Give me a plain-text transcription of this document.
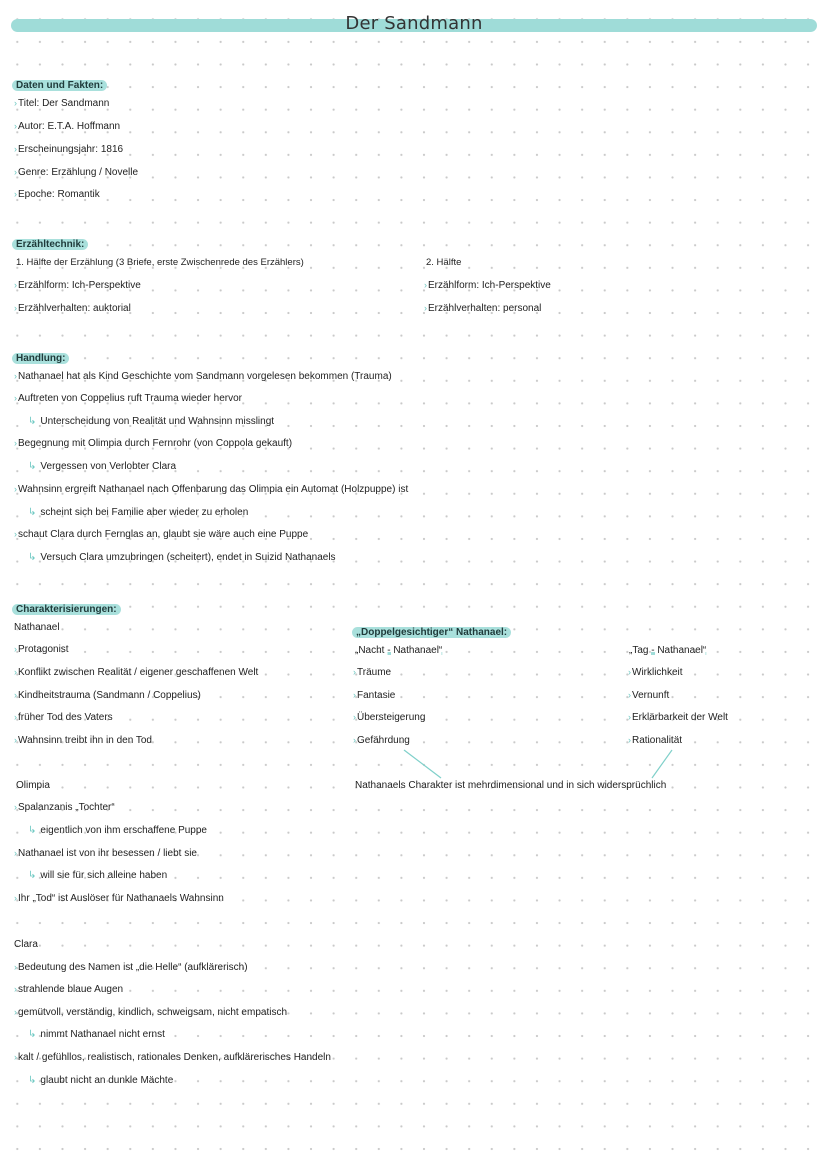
Der Sandmann
Daten und Fakten:
›Titel: Der Sandmann
›Autor: E.T.A. Hoffmann
›Erscheinungsjahr: 1816
›Genre: Erzählung / Novelle
›Epoche: Romantik
Erzähltechnik:
1. Hälfte der Erzählung (3 Briefe, erste Zwischenrede des Erzählers)
›Erzählform: Ich-Perspektive
›Erzählverhalten: auktorial
2. Hälfte
›Erzählform: Ich-Perspektive
›Erzählverhalten: personal
Handlung:
›Nathanael hat als Kind Geschichte vom Sandmann vorgelesen bekommen (Trauma)
›Auftreten von Coppelius ruft Trauma wieder hervor
↳ Unterscheidung von Realität und Wahnsinn misslingt
›Begegnung mit Olimpia durch Fernrohr (von Coppola gekauft)
↳ Vergessen von Verlobter Clara
›Wahnsinn ergreift Nathanael nach Offenbarung das Olimpia ein Automat (Holzpuppe) ist
↳ scheint sich bei Familie aber wieder zu erholen
›schaut Clara durch Fernglas an, glaubt sie wäre auch eine Puppe
↳ Versuch Clara umzubringen (scheitert), endet in Suizid Nathanaels
Charakterisierungen:
Nathanael
›Protagonist
›Konflikt zwischen Realität / eigener geschaffenen Welt
›Kindheitstrauma (Sandmann / Coppelius)
›früher Tod des Vaters
›Wahnsinn treibt ihn in den Tod
„Doppelgesichtiger“ Nathanael:
„Nacht - Nathanael“
›Träume
›Fantasie
›Übersteigerung
›Gefährdung
„Tag - Nathanael“
›Wirklichkeit
›Vernunft
›Erklärbarkeit der Welt
›Rationalität
Nathanaels Charakter ist mehrdimensional und in sich widersprüchlich
Olimpia
›Spalanzanis „Tochter“
↳ eigentlich von ihm erschaffene Puppe
›Nathanael ist von ihr besessen / liebt sie
↳ will sie für sich alleine haben
›Ihr „Tod“ ist Auslöser für Nathanaels Wahnsinn
Clara
›Bedeutung des Namen ist „die Helle“ (aufklärerisch)
›strahlende blaue Augen
›gemütvoll, verständig, kindlich, schweigsam, nicht empatisch
↳ nimmt Nathanael nicht ernst
›kalt / gefühllos, realistisch, rationales Denken, aufklärerisches Handeln
↳ glaubt nicht an dunkle Mächte
